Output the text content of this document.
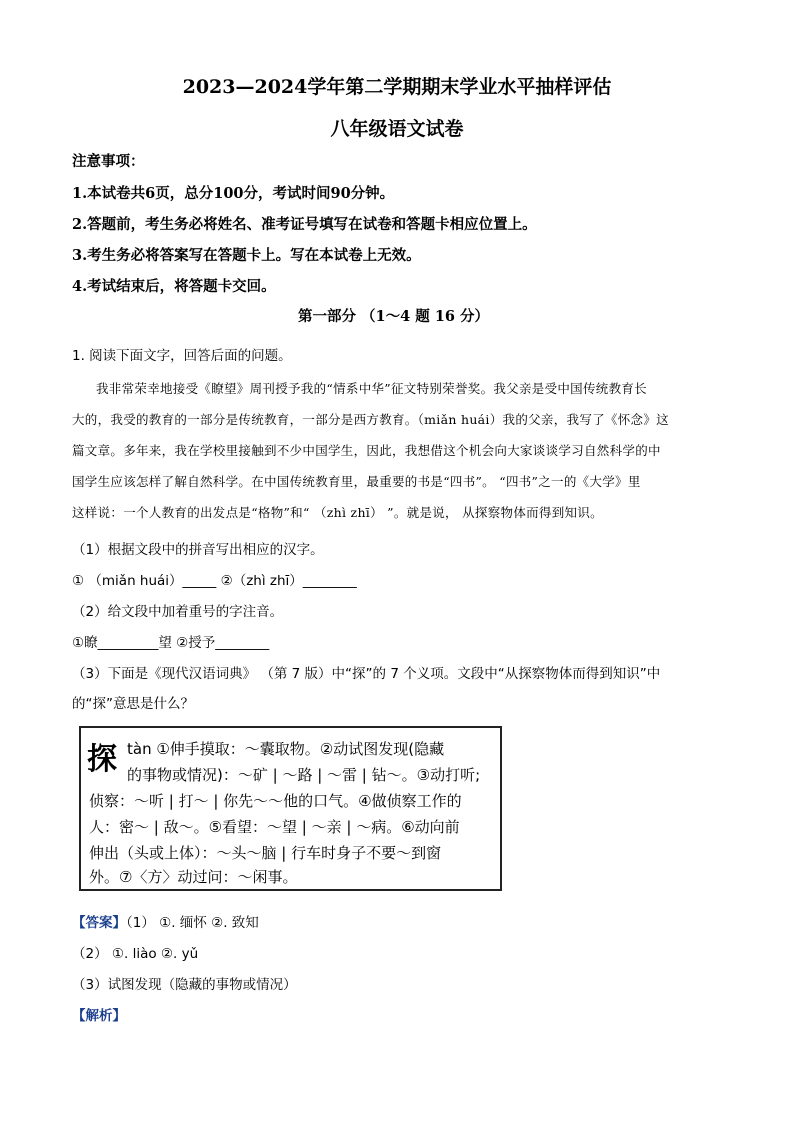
2023—2024学年第二学期期末学业水平抽样评估
八年级语文试卷
注意事项：
1.本试卷共6页，总分100分，考试时间90分钟。
2.答题前，考生务必将姓名、准考证号填写在试卷和答题卡相应位置上。
3.考生务必将答案写在答题卡上。写在本试卷上无效。
4.考试结束后，将答题卡交回。
第一部分 （1～4 题 16 分）
1. 阅读下面文字，回答后面的问题。
我非常荣幸地接受《瞭望》周刊授予我的“情系中华”征文特别荣誉奖。我父亲是受中国传统教育长
大的，我受的教育的一部分是传统教育，一部分是西方教育。（miǎn huái）我的父亲，我写了《怀念》这
篇文章。多年来，我在学校里接触到不少中国学生，因此，我想借这个机会向大家谈谈学习自然科学的中
国学生应该怎样了解自然科学。在中国传统教育里，最重要的书是“四书”。 “四书”之一的《大学》里
这样说：一个人教育的出发点是“格物”和“ （zhì zhī） ”。就是说， 从探察物体而得到知识。
（1）根据文段中的拼音写出相应的汉字。
① （miǎn huái）_____ ②（zhì zhī）________
（2）给文段中加着重号的字注音。
①瞭_________望 ②授予________
（3）下面是《现代汉语词典》 （第 7 版）中“探”的 7 个义项。文段中“从探察物体而得到知识”中
的“探”意思是什么？
探 tàn ①伸手摸取：～囊取物。②动试图发现(隐藏
的事物或情况)：～矿 | ～路 | ～雷 | 钻～。③动打听;
侦察：～听 | 打～ | 你先～～他的口气。④做侦察工作的
人：密～ | 敌～。⑤看望：～望 | ～亲 | ～病。⑥动向前
伸出（头或上体）：～头～脑 | 行车时身子不要～到窗
外。⑦〈方〉动过问：～闲事。
【答案】（1） ①. 缅怀 ②. 致知
（2） ①. liào ②. yǔ
（3）试图发现（隐藏的事物或情况）
【解析】
